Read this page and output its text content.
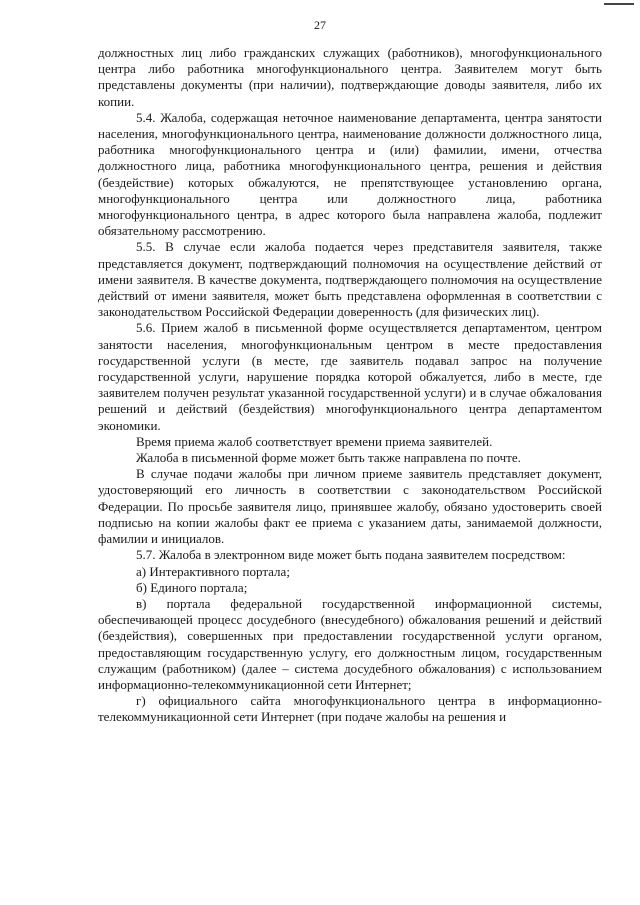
27

должностных лиц либо гражданских служащих (работников), многофункционального центра либо работника многофункционального центра. Заявителем могут быть представлены документы (при наличии), подтверждающие доводы заявителя, либо их копии.

5.4. Жалоба, содержащая неточное наименование департамента, центра занятости населения, многофункционального центра, наименование должности должностного лица, работника многофункционального центра и (или) фамилии, имени, отчества должностного лица, работника многофункционального центра, решения и действия (бездействие) которых обжалуются, не препятствующее установлению органа, многофункционального центра или должностного лица, работника многофункционального центра, в адрес которого была направлена жалоба, подлежит обязательному рассмотрению.

5.5. В случае если жалоба подается через представителя заявителя, также представляется документ, подтверждающий полномочия на осуществление действий от имени заявителя. В качестве документа, подтверждающего полномочия на осуществление действий от имени заявителя, может быть представлена оформленная в соответствии с законодательством Российской Федерации доверенность (для физических лиц).

5.6. Прием жалоб в письменной форме осуществляется департаментом, центром занятости населения, многофункциональным центром в месте предоставления государственной услуги (в месте, где заявитель подавал запрос на получение государственной услуги, нарушение порядка которой обжалуется, либо в месте, где заявителем получен результат указанной государственной услуги) и в случае обжалования решений и действий (бездействия) многофункционального центра департаментом экономики.

Время приема жалоб соответствует времени приема заявителей.

Жалоба в письменной форме может быть также направлена по почте.

В случае подачи жалобы при личном приеме заявитель представляет документ, удостоверяющий его личность в соответствии с законодательством Российской Федерации. По просьбе заявителя лицо, принявшее жалобу, обязано удостоверить своей подписью на копии жалобы факт ее приема с указанием даты, занимаемой должности, фамилии и инициалов.

5.7. Жалоба в электронном виде может быть подана заявителем посредством:

а) Интерактивного портала;

б) Единого портала;

в) портала федеральной государственной информационной системы, обеспечивающей процесс досудебного (внесудебного) обжалования решений и действий (бездействия), совершенных при предоставлении государственной услуги органом, предоставляющим государственную услугу, его должностным лицом, государственным служащим (работником) (далее – система досудебного обжалования) с использованием информационно-телекоммуникационной сети Интернет;

г) официального сайта многофункционального центра в информационно-телекоммуникационной сети Интернет (при подаче жалобы на решения и
